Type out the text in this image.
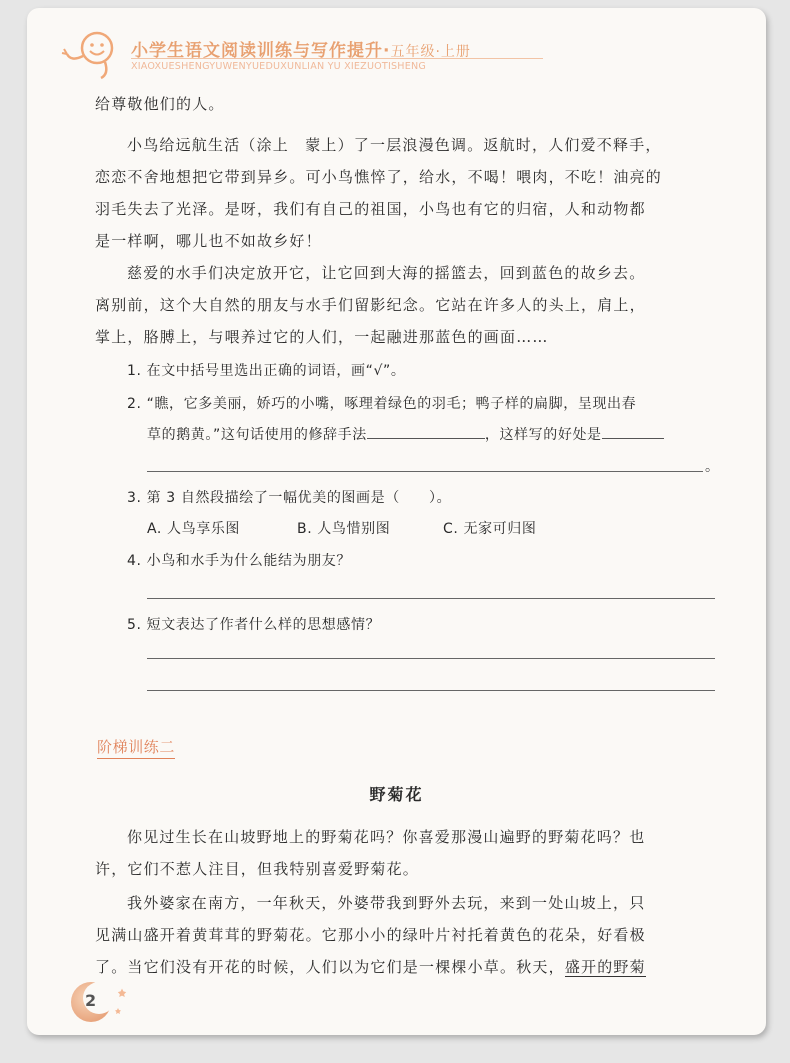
小学生语文阅读训练与写作提升·五年级·上册
XIAOXUESHENGYUWENYUEDUXUNLIAN YU XIEZUOTISHENG
给尊敬他们的人。
小鸟给远航生活（涂上　蒙上）了一层浪漫色调。返航时，人们爱不释手，
恋恋不舍地想把它带到异乡。可小鸟憔悴了，给水，不喝！喂肉，不吃！油亮的
羽毛失去了光泽。是呀，我们有自己的祖国，小鸟也有它的归宿，人和动物都
是一样啊，哪儿也不如故乡好！
慈爱的水手们决定放开它，让它回到大海的摇篮去，回到蓝色的故乡去。
离别前，这个大自然的朋友与水手们留影纪念。它站在许多人的头上，肩上，
掌上，胳膊上，与喂养过它的人们，一起融进那蓝色的画面……
1. 在文中括号里选出正确的词语，画“√”。
2. “瞧，它多美丽，娇巧的小嘴，啄理着绿色的羽毛；鸭子样的扁脚，呈现出春
草的鹅黄。”这句话使用的修辞手法	，这样写的好处是
。
3. 第 3 自然段描绘了一幅优美的图画是（　　）。
A. 人鸟享乐图	B. 人鸟惜别图	C. 无家可归图
4. 小鸟和水手为什么能结为朋友？
5. 短文表达了作者什么样的思想感情？
阶梯训练二
野菊花
你见过生长在山坡野地上的野菊花吗？你喜爱那漫山遍野的野菊花吗？也
许，它们不惹人注目，但我特别喜爱野菊花。
我外婆家在南方，一年秋天，外婆带我到野外去玩，来到一处山坡上，只
见满山盛开着黄茸茸的野菊花。它那小小的绿叶片衬托着黄色的花朵，好看极
了。当它们没有开花的时候，人们以为它们是一棵棵小草。秋天，盛开的野菊
2
